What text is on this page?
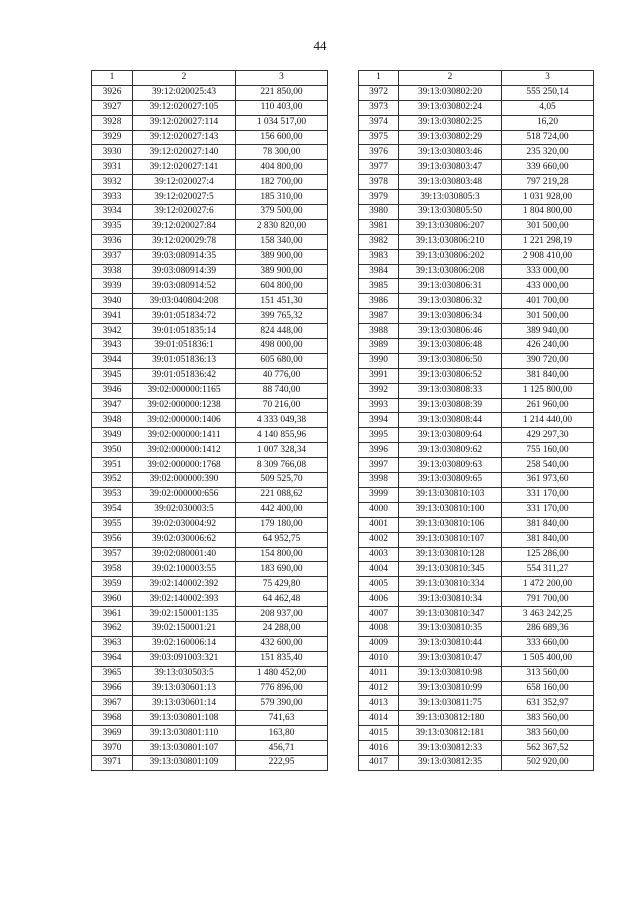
44
1	2	3
3926	39:12:020025:43	221 850,00
3927	39:12:020027:105	110 403,00
3928	39:12:020027:114	1 034 517,00
3929	39:12:020027:143	156 600,00
3930	39:12:020027:140	78 300,00
3931	39:12:020027:141	404 800,00
3932	39:12:020027:4	182 700,00
3933	39:12:020027:5	185 310,00
3934	39:12:020027:6	379 500,00
3935	39:12:020027:84	2 830 820,00
3936	39:12:020029:78	158 340,00
3937	39:03:080914:35	389 900,00
3938	39:03:080914:39	389 900,00
3939	39:03:080914:52	604 800,00
3940	39:03:040804:208	151 451,30
3941	39:01:051834:72	399 765,32
3942	39:01:051835:14	824 448,00
3943	39:01:051836:1	498 000,00
3944	39:01:051836:13	605 680,00
3945	39:01:051836:42	40 776,00
3946	39:02:000000:1165	88 740,00
3947	39:02:000000:1238	70 216,00
3948	39:02:000000:1406	4 333 049,38
3949	39:02:000000:1411	4 140 855,96
3950	39:02:000000:1412	1 007 328,34
3951	39:02:000000:1768	8 309 766,08
3952	39:02:000000:390	509 525,70
3953	39:02:000000:656	221 088,62
3954	39:02:030003:5	442 400,00
3955	39:02:030004:92	179 180,00
3956	39:02:030006:62	64 952,75
3957	39:02:080001:40	154 800,00
3958	39:02:100003:55	183 690,00
3959	39:02:140002:392	75 429,80
3960	39:02:140002:393	64 462,48
3961	39:02:150001:135	208 937,00
3962	39:02:150001:21	24 288,00
3963	39:02:160006:14	432 600,00
3964	39:03:091003:321	151 835,40
3965	39:13:030503:5	1 480 452,00
3966	39:13:030601:13	776 896,00
3967	39:13:030601:14	579 390,00
3968	39:13:030801:108	741,63
3969	39:13:030801:110	163,80
3970	39:13:030801:107	456,71
3971	39:13:030801:109	222,95
1	2	3
3972	39:13:030802:20	555 250,14
3973	39:13:030802:24	4,05
3974	39:13:030802:25	16,20
3975	39:13:030802:29	518 724,00
3976	39:13:030803:46	235 320,00
3977	39:13:030803:47	339 660,00
3978	39:13:030803:48	797 219,28
3979	39:13:030805:3	1 031 928,00
3980	39:13:030805:50	1 804 800,00
3981	39:13:030806:207	301 500,00
3982	39:13:030806:210	1 221 298,19
3983	39:13:030806:202	2 908 410,00
3984	39:13:030806:208	333 000,00
3985	39:13:030806:31	433 000,00
3986	39:13:030806:32	401 700,00
3987	39:13:030806:34	301 500,00
3988	39:13:030806:46	389 940,00
3989	39:13:030806:48	426 240,00
3990	39:13:030806:50	390 720,00
3991	39:13:030806:52	381 840,00
3992	39:13:030808:33	1 125 800,00
3993	39:13:030808:39	261 960,00
3994	39:13:030808:44	1 214 440,00
3995	39:13:030809:64	429 297,30
3996	39:13:030809:62	755 160,00
3997	39:13:030809:63	258 540,00
3998	39:13:030809:65	361 973,60
3999	39:13:030810:103	331 170,00
4000	39:13:030810:100	331 170,00
4001	39:13:030810:106	381 840,00
4002	39:13:030810:107	381 840,00
4003	39:13:030810:128	125 286,00
4004	39:13:030810:345	554 311,27
4005	39:13:030810:334	1 472 200,00
4006	39:13:030810:34	791 700,00
4007	39:13:030810:347	3 463 242,25
4008	39:13:030810:35	286 689,36
4009	39:13:030810:44	333 660,00
4010	39:13:030810:47	1 505 400,00
4011	39:13:030810:98	313 560,00
4012	39:13:030810:99	658 160,00
4013	39:13:030811:75	631 352,97
4014	39:13:030812:180	383 560,00
4015	39:13:030812:181	383 560,00
4016	39:13:030812:33	562 367,52
4017	39:13:030812:35	502 920,00
